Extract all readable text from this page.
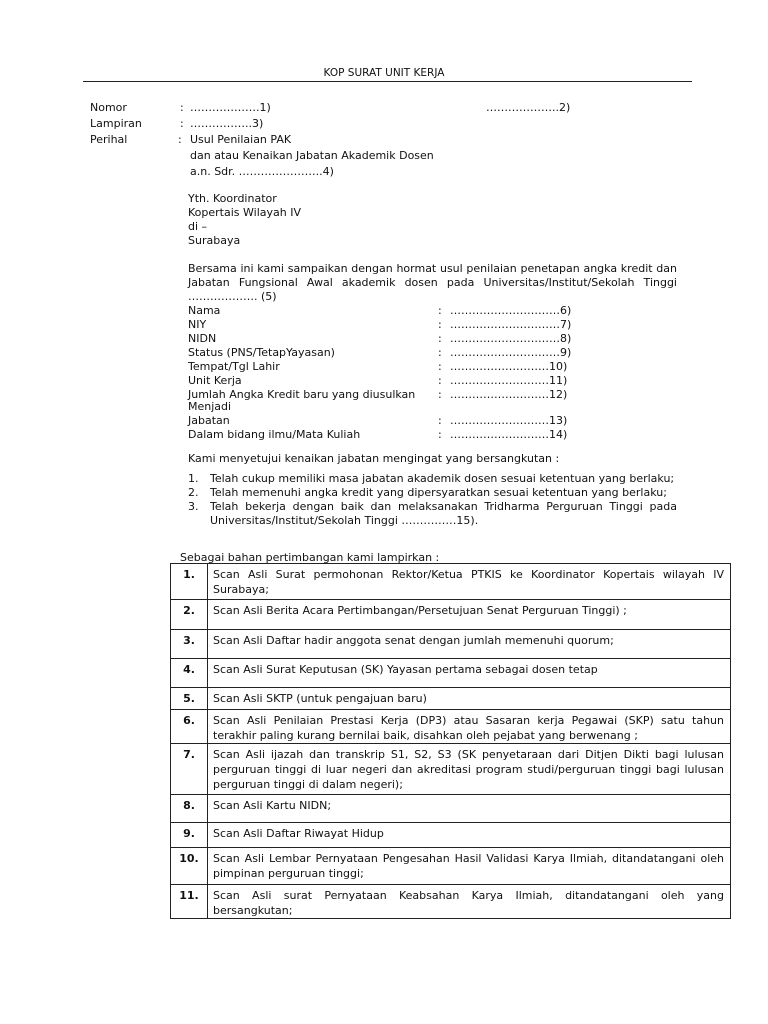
KOP SURAT UNIT KERJA
Nomor	: ……………….1)	………………..2)
Lampiran	: ……………..3)
Perihal	: Usul Penilaian PAK
dan atau Kenaikan Jabatan Akademik Dosen
a.n. Sdr. …………………..4)
Yth. Koordinator
Kopertais Wilayah IV
di –
Surabaya
Bersama ini kami sampaikan dengan hormat usul penilaian penetapan angka kredit dan Jabatan Fungsional Awal akademik dosen pada Universitas/Institut/Sekolah Tinggi ………………. (5)
Nama	: …………………………6)
NIY	: …………………………7)
NIDN	: …………………………8)
Status (PNS/TetapYayasan)	: …………………………9)
Tempat/Tgl Lahir	: ………………………10)
Unit Kerja	: ………………………11)
Jumlah Angka Kredit baru yang diusulkan	: ………………………12)
Menjadi
Jabatan	: ………………………13)
Dalam bidang ilmu/Mata Kuliah	: ………………………14)
Kami menyetujui kenaikan jabatan mengingat yang bersangkutan :
1. Telah cukup memiliki masa jabatan akademik dosen sesuai ketentuan yang berlaku;
2. Telah memenuhi angka kredit yang dipersyaratkan sesuai ketentuan yang berlaku;
3. Telah bekerja dengan baik dan melaksanakan Tridharma Perguruan Tinggi pada Universitas/Institut/Sekolah Tinggi ……………15).
Sebagai bahan pertimbangan kami lampirkan :
1.	Scan Asli Surat permohonan Rektor/Ketua PTKIS ke Koordinator Kopertais wilayah IV Surabaya;
2.	Scan Asli Berita Acara Pertimbangan/Persetujuan Senat Perguruan Tinggi) ;
3.	Scan Asli Daftar hadir anggota senat dengan jumlah memenuhi quorum;
4.	Scan Asli Surat Keputusan (SK) Yayasan pertama sebagai dosen tetap
5.	Scan Asli SKTP (untuk pengajuan baru)
6.	Scan Asli Penilaian Prestasi Kerja (DP3) atau Sasaran kerja Pegawai (SKP) satu tahun terakhir paling kurang bernilai baik, disahkan oleh pejabat yang berwenang ;
7.	Scan Asli ijazah dan transkrip S1, S2, S3 (SK penyetaraan dari Ditjen Dikti bagi lulusan perguruan tinggi di luar negeri dan akreditasi program studi/perguruan tinggi bagi lulusan perguruan tinggi di dalam negeri);
8.	Scan Asli Kartu NIDN;
9.	Scan Asli Daftar Riwayat Hidup
10.	Scan Asli Lembar Pernyataan Pengesahan Hasil Validasi Karya Ilmiah, ditandatangani oleh pimpinan perguruan tinggi;
11.	Scan Asli surat Pernyataan Keabsahan Karya Ilmiah, ditandatangani oleh yang bersangkutan;
